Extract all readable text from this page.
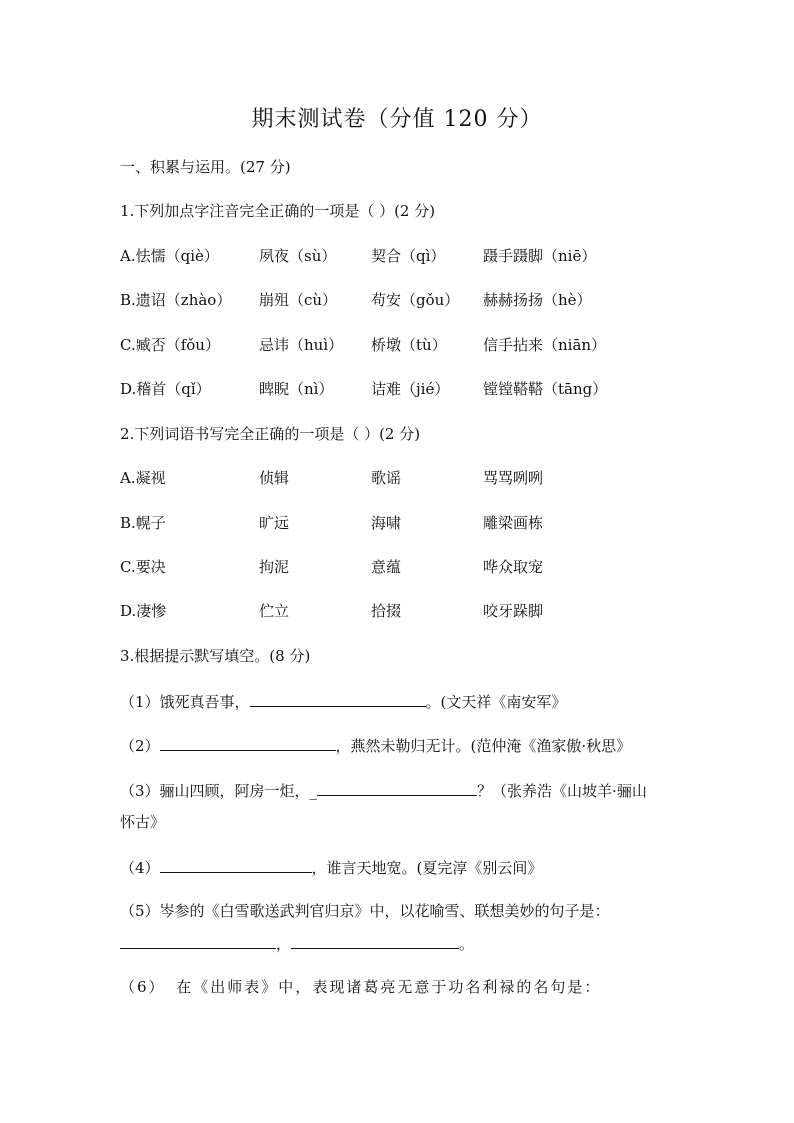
期末测试卷（分值 120 分）
一、积累与运用。(27 分)
1.下列加点字注音完全正确的一项是（ ）(2 分)
A.怯懦（qiè）	夙夜（sù） 契合（qì）	蹑手蹑脚（niē）
B.遗诏（zhào） 崩殂（cù） 苟安（gǒu） 赫赫扬扬（hè）
C.臧否（fǒu）	忌讳（huì） 桥墩（tù） 信手拈来（niān）
D.稽首（qǐ）	睥睨（nì）	诘难（jié） 镗镗鞳鞳（tāng）
2.下列词语书写完全正确的一项是（ ）(2 分)
A.凝视	侦辑	歌谣	骂骂咧咧
B.幌子	旷远	海啸	雕梁画栋
C.要决	拘泥	意蕴	哗众取宠
D.凄惨	伫立	拾掇	咬牙跺脚
3.根据提示默写填空。(8 分)
（1）饿死真吾事，	。(文天祥《南安军》
（2）	，燕然未勒归无计。(范仲淹《渔家傲·秋思》
（3）骊山四顾，阿房一炬，_	？（张养浩《山坡羊·骊山
怀古》
（4）	，谁言天地宽。(夏完淳《别云间》
（5）岑参的《白雪歌送武判官归京》中，以花喻雪、联想美妙的句子是：
，	。
（6） 在《出师表》中，表现诸葛亮无意于功名利禄的名句是：
